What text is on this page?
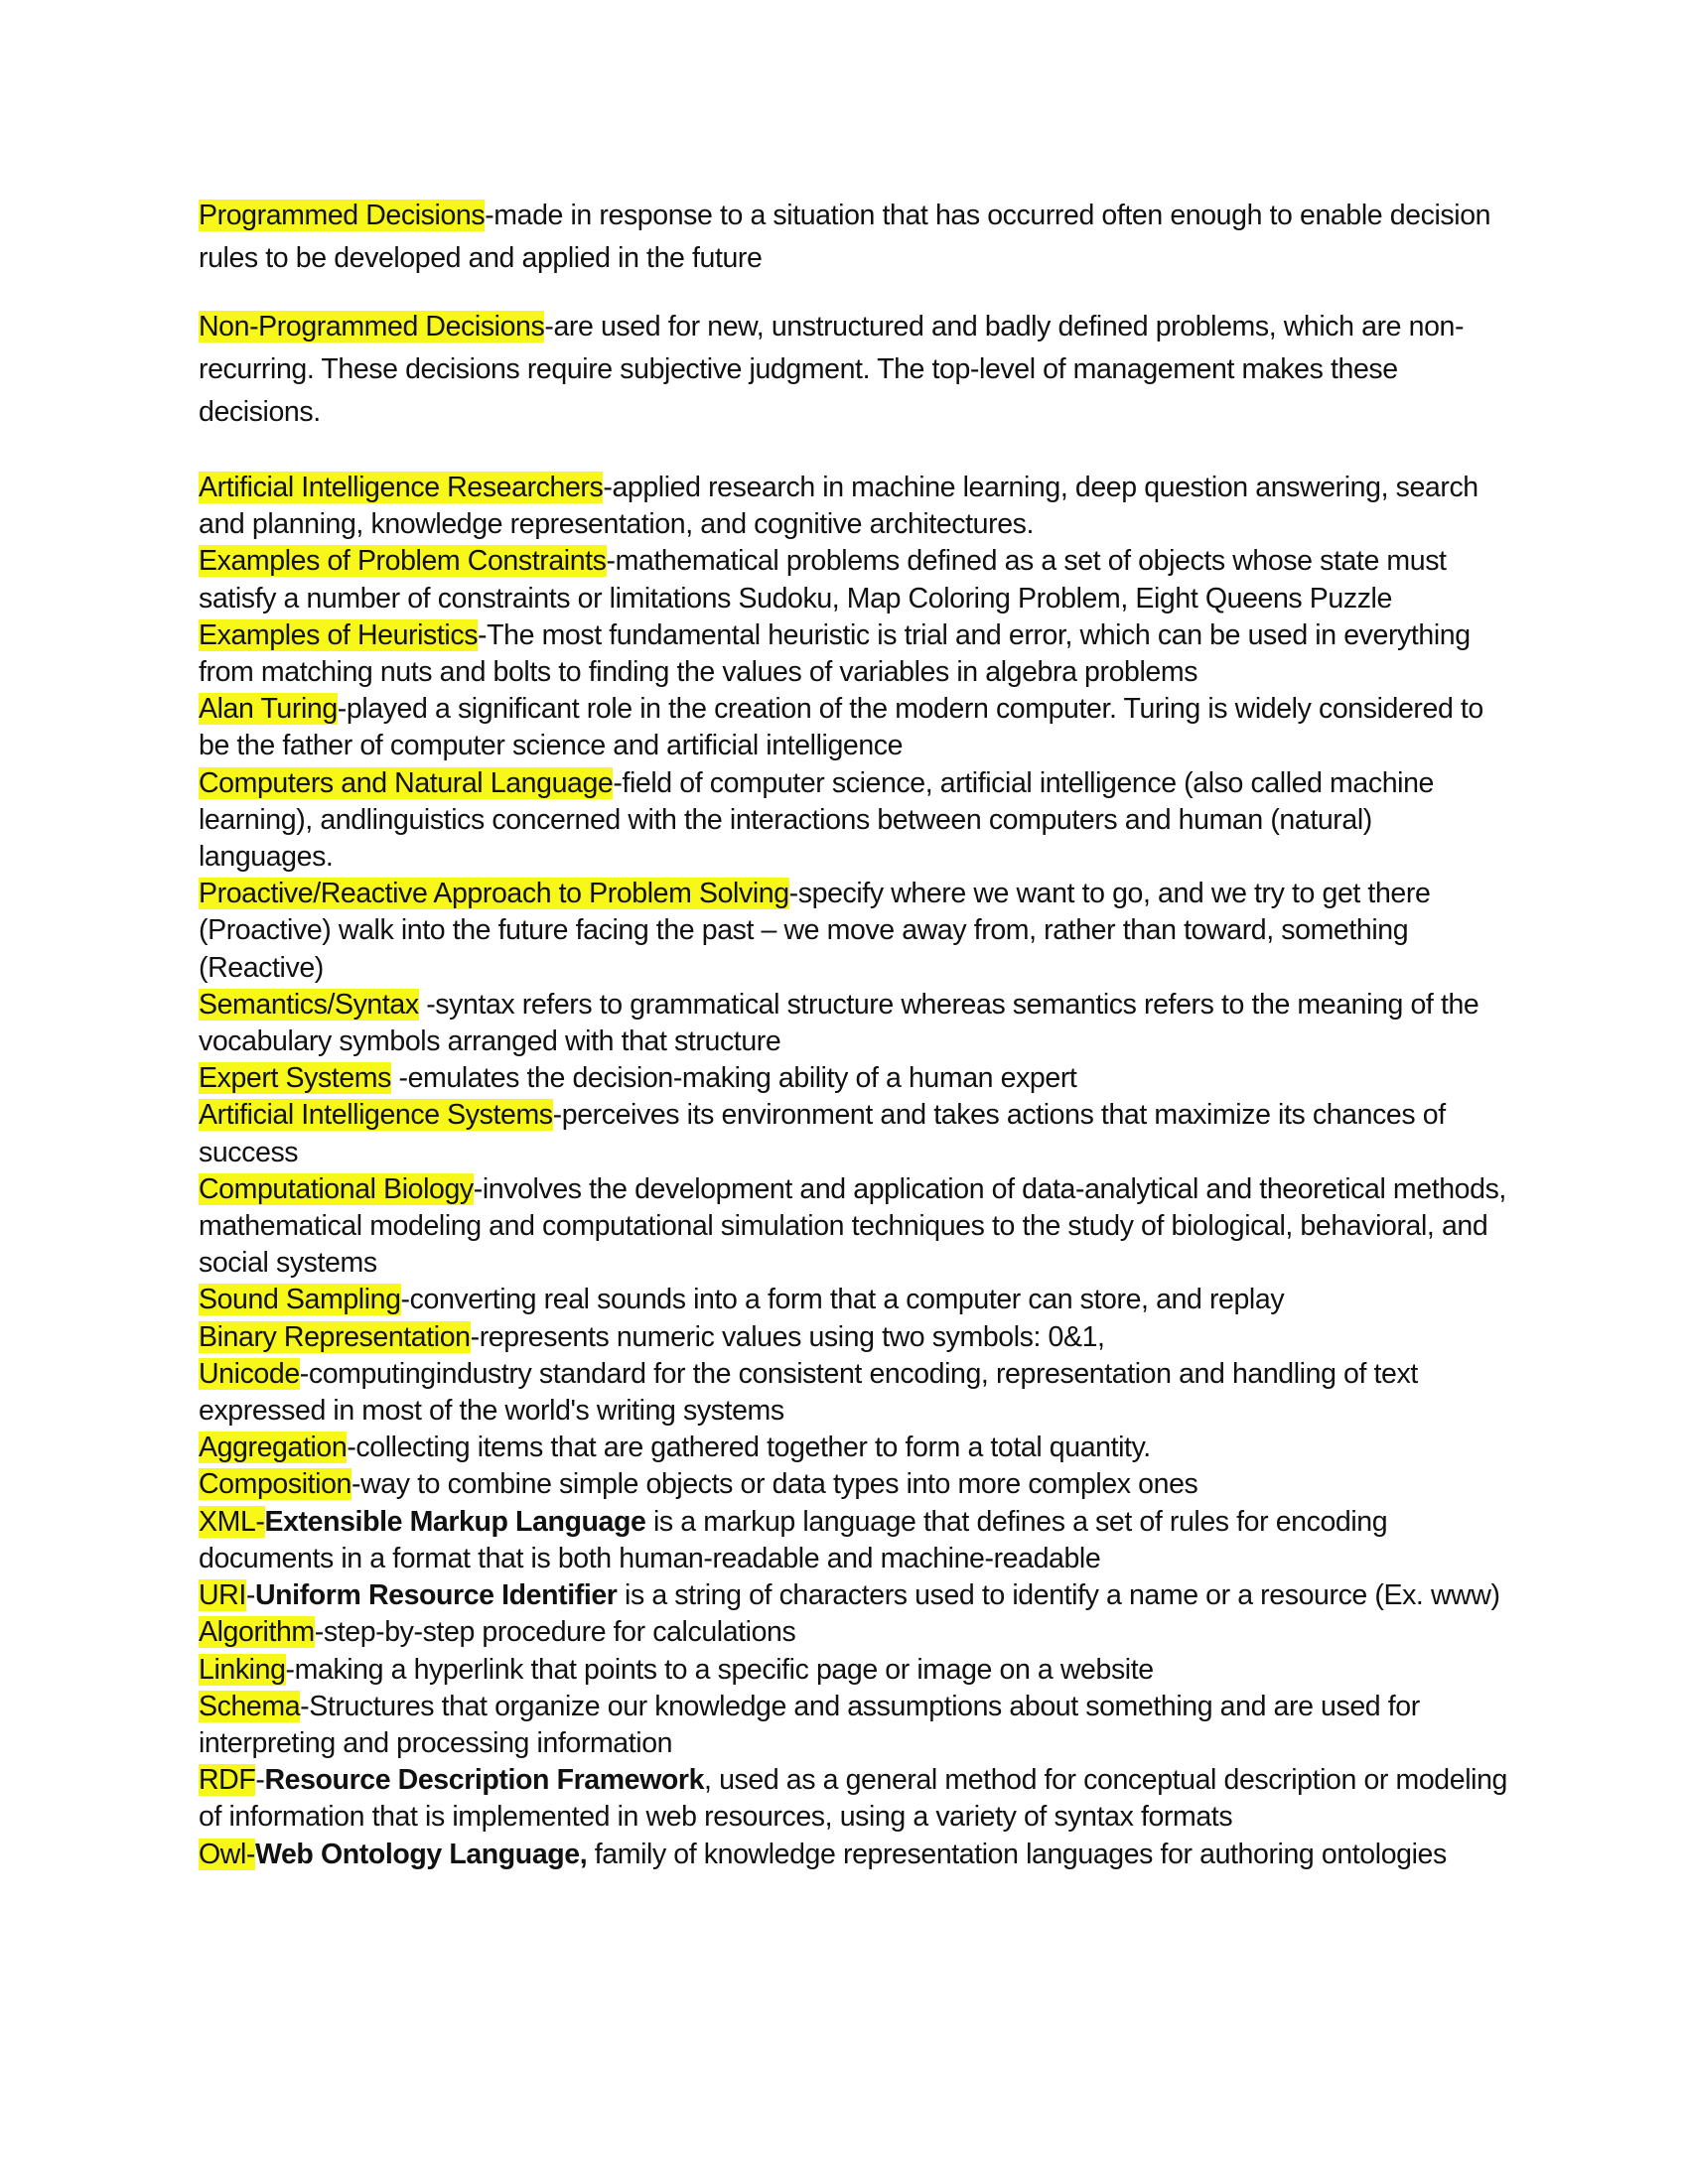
Programmed Decisions-made in response to a situation that has occurred often enough to enable decision rules to be developed and applied in the future

Non-Programmed Decisions-are used for new, unstructured and badly defined problems, which are non-recurring. These decisions require subjective judgment. The top-level of management makes these decisions.

Artificial Intelligence Researchers-applied research in machine learning, deep question answering, search and planning, knowledge representation, and cognitive architectures.

Examples of Problem Constraints-mathematical problems defined as a set of objects whose state must satisfy a number of constraints or limitations Sudoku, Map Coloring Problem, Eight Queens Puzzle

Examples of Heuristics-The most fundamental heuristic is trial and error, which can be used in everything from matching nuts and bolts to finding the values of variables in algebra problems

Alan Turing-played a significant role in the creation of the modern computer. Turing is widely considered to be the father of computer science and artificial intelligence

Computers and Natural Language-field of computer science, artificial intelligence (also called machine learning), andlinguistics concerned with the interactions between computers and human (natural) languages.

Proactive/Reactive Approach to Problem Solving-specify where we want to go, and we try to get there (Proactive) walk into the future facing the past – we move away from, rather than toward, something (Reactive)

Semantics/Syntax -syntax refers to grammatical structure whereas semantics refers to the meaning of the vocabulary symbols arranged with that structure

Expert Systems -emulates the decision-making ability of a human expert

Artificial Intelligence Systems-perceives its environment and takes actions that maximize its chances of success

Computational Biology-involves the development and application of data-analytical and theoretical methods, mathematical modeling and computational simulation techniques to the study of biological, behavioral, and social systems

Sound Sampling-converting real sounds into a form that a computer can store, and replay

Binary Representation-represents numeric values using two symbols: 0&1,

Unicode-computingindustry standard for the consistent encoding, representation and handling of text expressed in most of the world's writing systems

Aggregation-collecting items that are gathered together to form a total quantity.

Composition-way to combine simple objects or data types into more complex ones

XML-Extensible Markup Language is a markup language that defines a set of rules for encoding documents in a format that is both human-readable and machine-readable

URI-Uniform Resource Identifier is a string of characters used to identify a name or a resource (Ex. www)

Algorithm-step-by-step procedure for calculations

Linking-making a hyperlink that points to a specific page or image on a website

Schema-Structures that organize our knowledge and assumptions about something and are used for interpreting and processing information

RDF-Resource Description Framework, used as a general method for conceptual description or modeling of information that is implemented in web resources, using a variety of syntax formats

Owl-Web Ontology Language, family of knowledge representation languages for authoring ontologies
